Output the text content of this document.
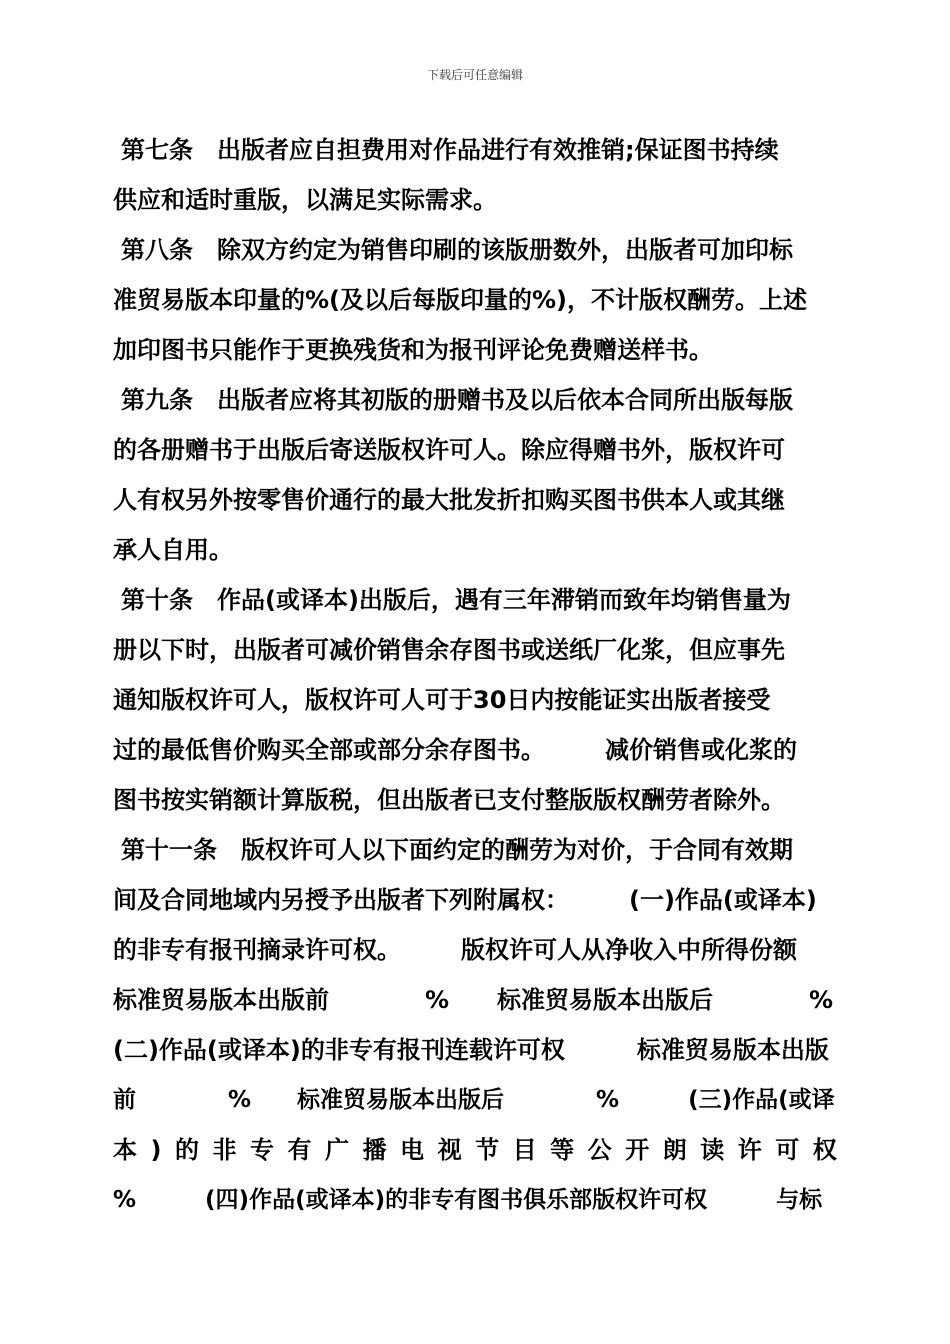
下载后可任意编辑
第七条　出版者应自担费用对作品进行有效推销;保证图书持续
供应和适时重版，以满足实际需求。
第八条　除双方约定为销售印刷的该版册数外，出版者可加印标
准贸易版本印量的%(及以后每版印量的%)，不计版权酬劳。上述
加印图书只能作于更换残货和为报刊评论免费赠送样书。
第九条　出版者应将其初版的册赠书及以后依本合同所出版每版
的各册赠书于出版后寄送版权许可人。除应得赠书外，版权许可
人有权另外按零售价通行的最大批发折扣购买图书供本人或其继
承人自用。
第十条　作品(或译本)出版后，遇有三年滞销而致年均销售量为
册以下时，出版者可减价销售余存图书或送纸厂化浆，但应事先
通知版权许可人，版权许可人可于30日内按能证实出版者接受
过的最低售价购买全部或部分余存图书。　　　减价销售或化浆的
图书按实销额计算版税，但出版者已支付整版版权酬劳者除外。
第十一条　版权许可人以下面约定的酬劳为对价，于合同有效期
间及合同地域内另授予出版者下列附属权：　　　(一)作品(或译本)
的非专有报刊摘录许可权。　　　版权许可人从净收入中所得份额
标准贸易版本出版前　　　　%　　标准贸易版本出版后　　　　%
(二)作品(或译本)的非专有报刊连载许可权　　　标准贸易版本出版
前　　　　%　　标准贸易版本出版后　　　　%　　　(三)作品(或译
本 ) 的 非 专 有 广 播 电 视 节 目 等 公 开 朗 读 许 可 权
%　　　(四)作品(或译本)的非专有图书俱乐部版权许可权　　　与标
